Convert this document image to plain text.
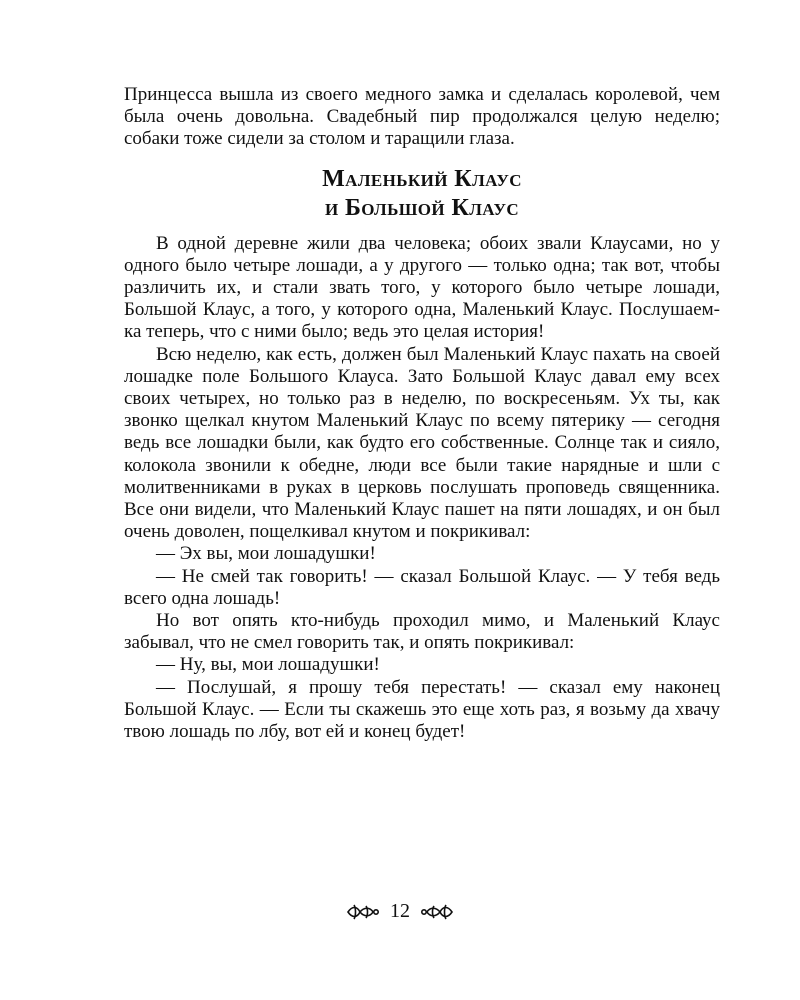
Принцесса вышла из своего медного замка и сделалась королевой, чем была очень довольна. Свадебный пир продолжался целую неделю; собаки тоже сидели за столом и таращили глаза.

Маленький Клаус
и Большой Клаус

В одной деревне жили два человека; обоих звали Клаусами, но у одного было четыре лошади, а у другого — только одна; так вот, чтобы различить их, и стали звать того, у которого было четыре лошади, Большой Клаус, а того, у которого одна, Маленький Клаус. Послушаем-ка теперь, что с ними было; ведь это целая история!

Всю неделю, как есть, должен был Маленький Клаус пахать на своей лошадке поле Большого Клауса. Зато Большой Клаус давал ему всех своих четырех, но только раз в неделю, по воскресеньям. Ух ты, как звонко щелкал кнутом Маленький Клаус по всему пятерику — сегодня ведь все лошадки были, как будто его собственные. Солнце так и сияло, колокола звонили к обедне, люди все были такие нарядные и шли с молитвенниками в руках в церковь послушать проповедь священника. Все они видели, что Маленький Клаус пашет на пяти лошадях, и он был очень доволен, пощелкивал кнутом и покрикивал:

— Эх вы, мои лошадушки!

— Не смей так говорить! — сказал Большой Клаус. — У тебя ведь всего одна лошадь!

Но вот опять кто-нибудь проходил мимо, и Маленький Клаус забывал, что не смел говорить так, и опять покрикивал:

— Ну, вы, мои лошадушки!

— Послушай, я прошу тебя перестать! — сказал ему наконец Большой Клаус. — Если ты скажешь это еще хоть раз, я возьму да хвачу твою лошадь по лбу, вот ей и конец будет!

12
